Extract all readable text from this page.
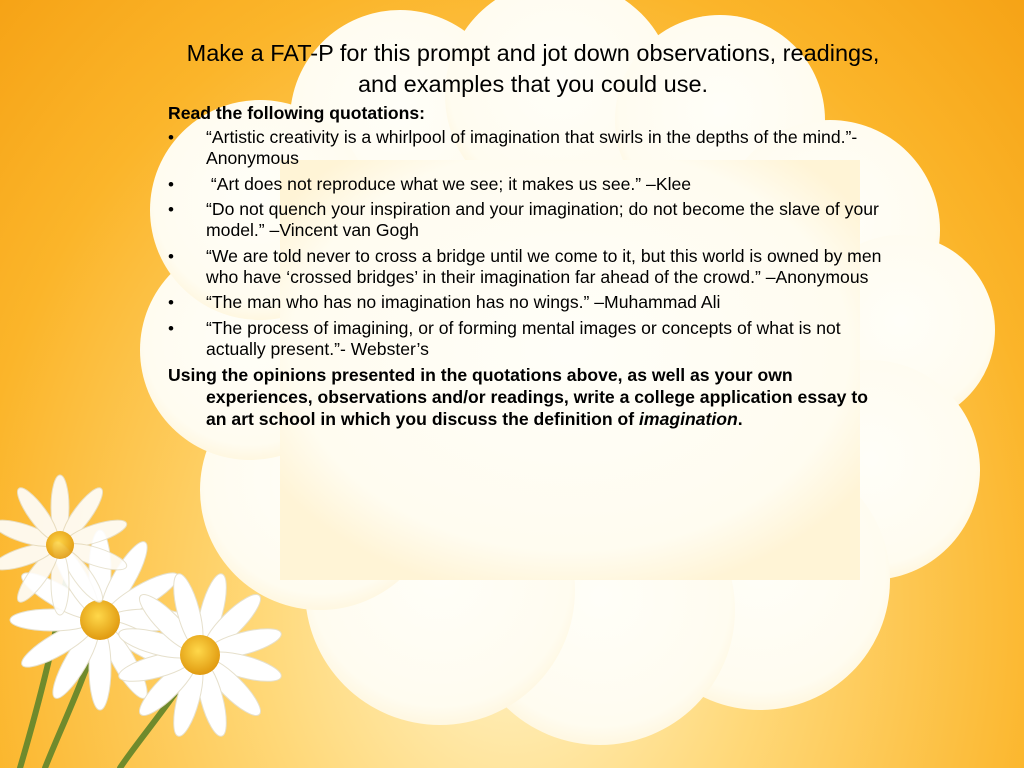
Make a FAT-P for this prompt and jot down observations, readings, and examples that you could use.
Read the following quotations:
• “Artistic creativity is a whirlpool of imagination that swirls in the depths of the mind.”-Anonymous
• “Art does not reproduce what we see; it makes us see.” –Klee
• “Do not quench your inspiration and your imagination; do not become the slave of your model.” –Vincent van Gogh
• “We are told never to cross a bridge until we come to it, but this world is owned by men who have ‘crossed bridges’ in their imagination far ahead of the crowd.” –Anonymous
• “The man who has no imagination has no wings.” –Muhammad Ali
• “The process of imagining, or of forming mental images or concepts of what is not actually present.”- Webster’s

Using the opinions presented in the quotations above, as well as your own experiences, observations and/or readings, write a college application essay to an art school in which you discuss the definition of imagination.
